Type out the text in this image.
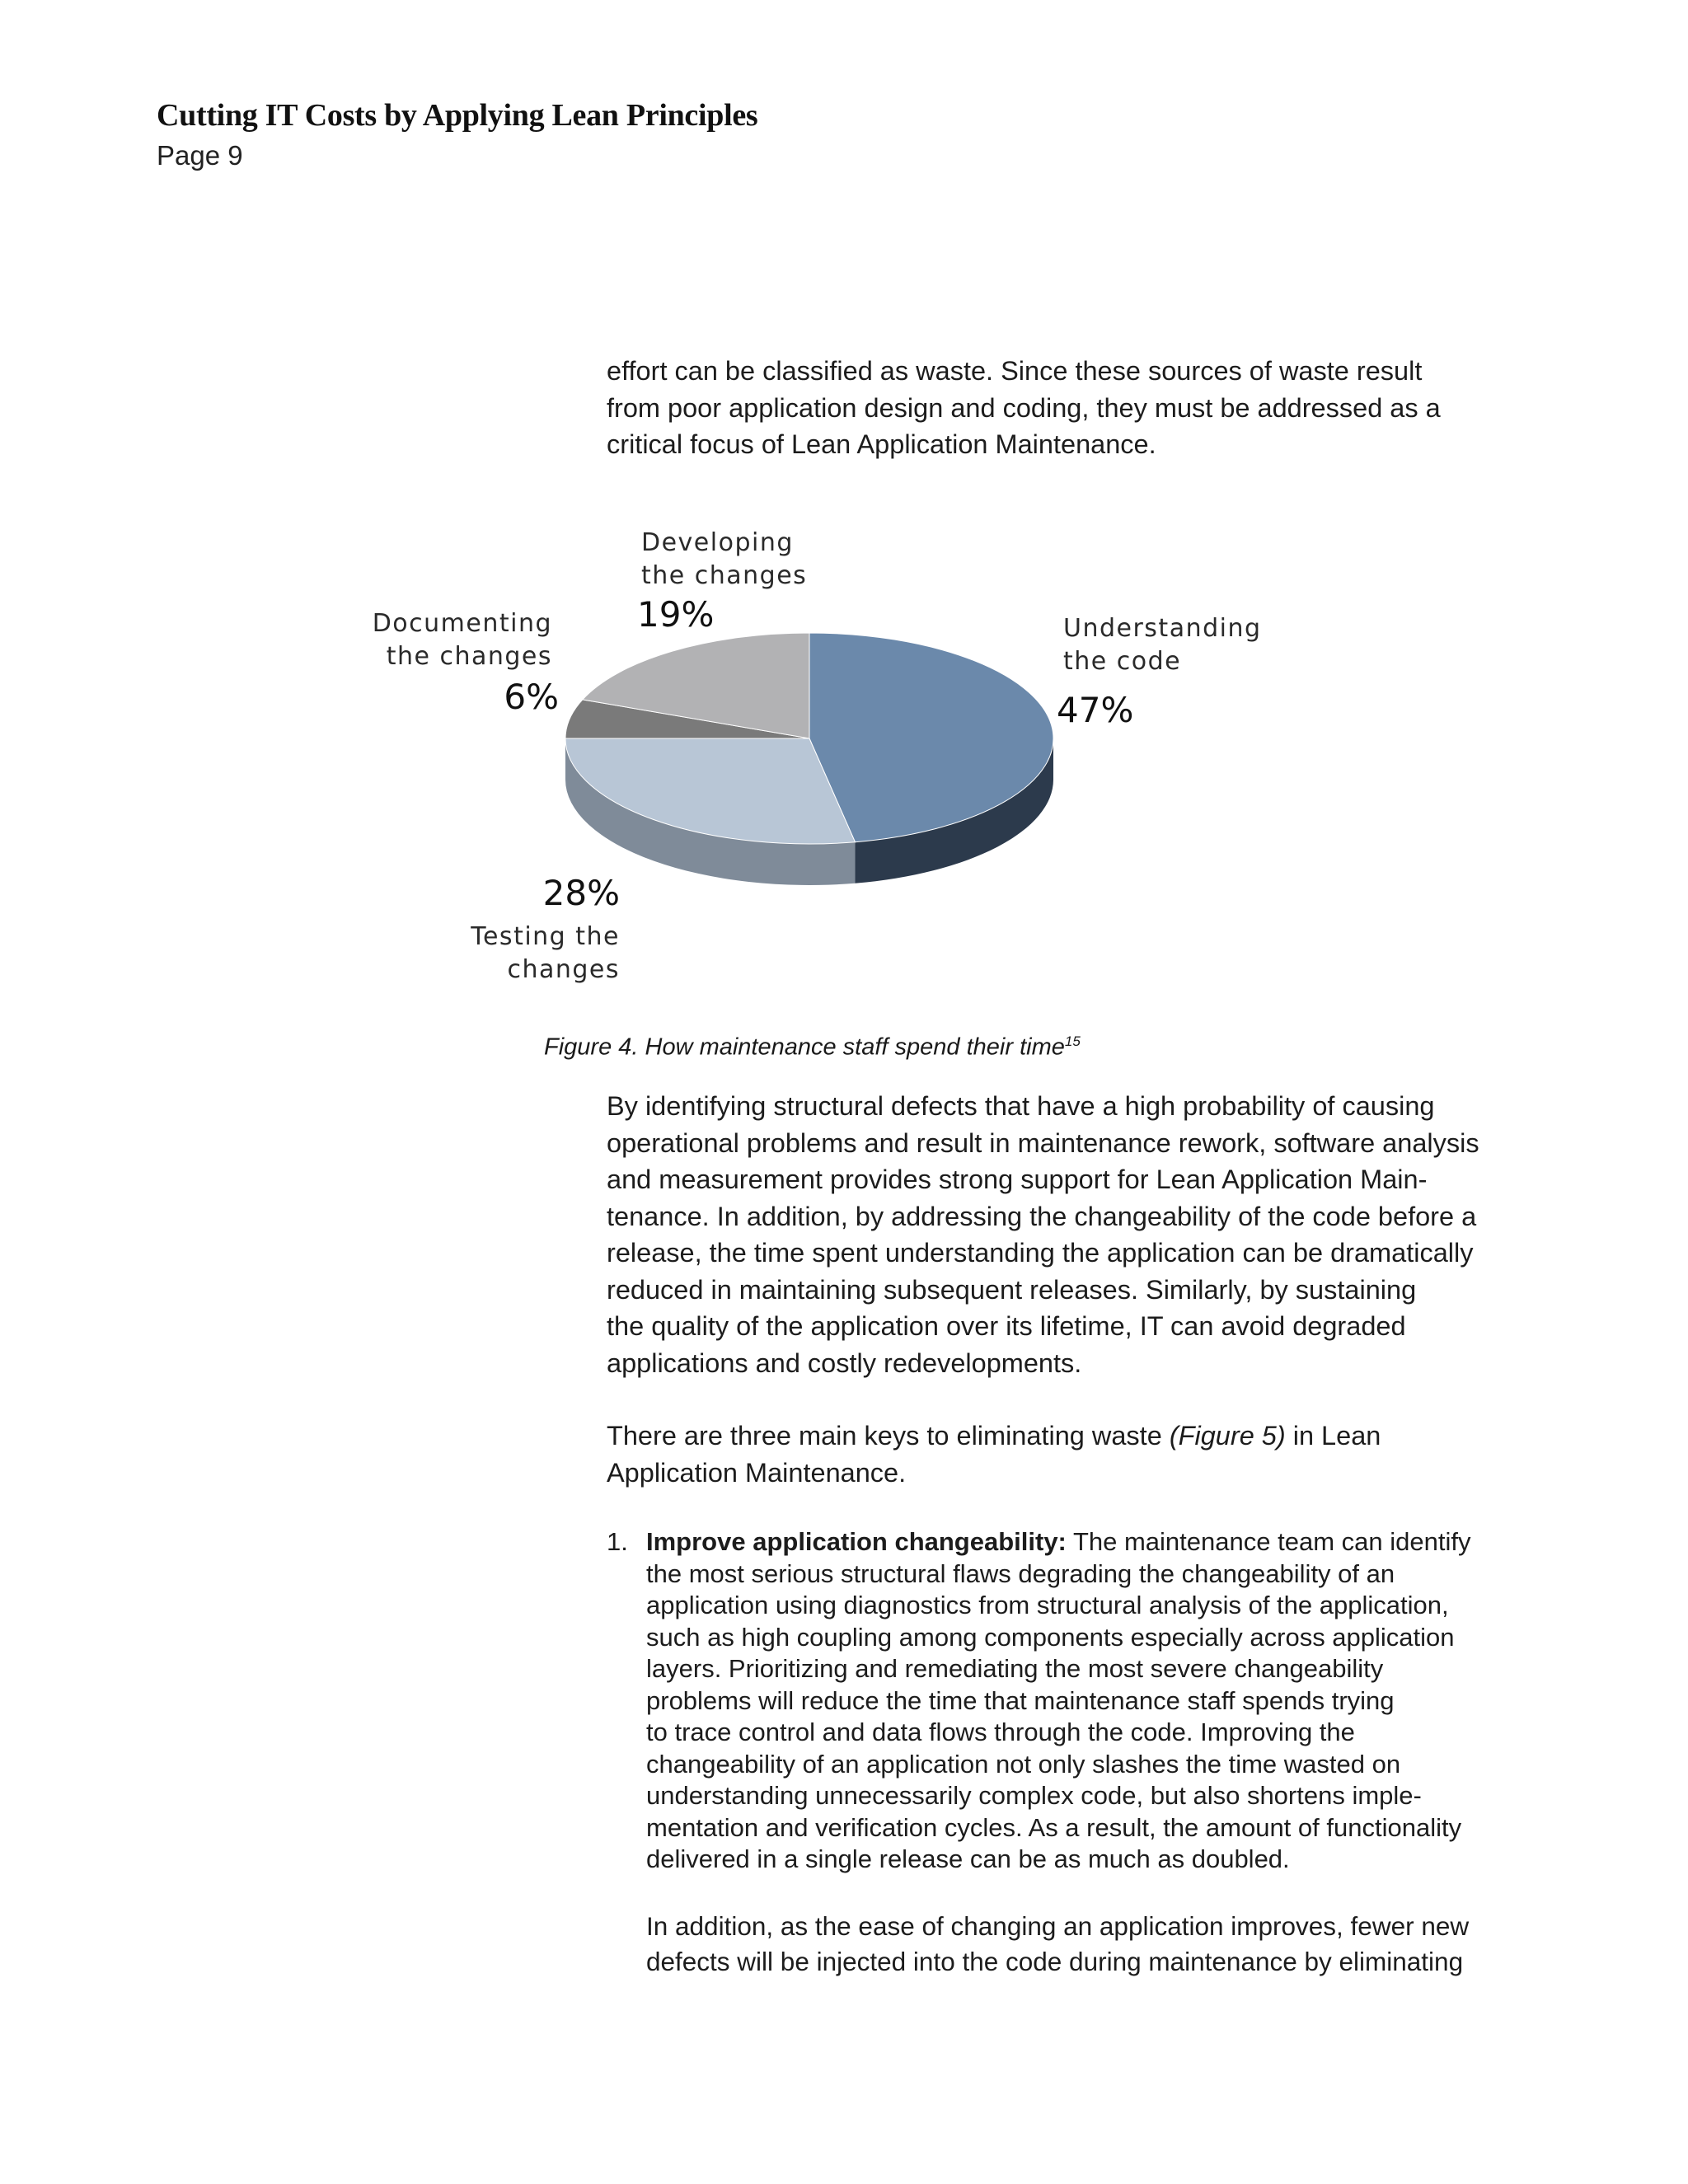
Cutting IT Costs by Applying Lean Principles
Page 9

effort can be classified as waste. Since these sources of waste result

from poor application design and coding, they must be addressed as a

critical focus of Lean Application Maintenance.

Understanding
the code
47%
28%
Testing the
changes
Documenting
the changes
6%
Developing
the changes
19%
Figure 4. How maintenance staff spend their time$^{15}$

By identifying structural defects that have a high probability of causing

operational problems and result in maintenance rework, software analysis

and measurement provides strong support for Lean Application Main-

tenance. In addition, by addressing the changeability of the code before a

release, the time spent understanding the application can be dramatically

reduced in maintaining subsequent releases. Similarly, by sustaining

the quality of the application over its lifetime, IT can avoid degraded

applications and costly redevelopments.

There are three main keys to eliminating waste (Figure 5) in Lean

Application Maintenance.

1. Improve application changeability: The maintenance team can identify
the most serious structural flaws degrading the changeability of an
application using diagnostics from structural analysis of the application,
such as high coupling among components especially across application
layers. Prioritizing and remediating the most severe changeability
problems will reduce the time that maintenance staff spends trying
to trace control and data flows through the code. Improving the
changeability of an application not only slashes the time wasted on
understanding unnecessarily complex code, but also shortens imple-
mentation and verification cycles. As a result, the amount of functionality
delivered in a single release can be as much as doubled.
In addition, as the ease of changing an application improves, fewer new
defects will be injected into the code during maintenance by eliminating
